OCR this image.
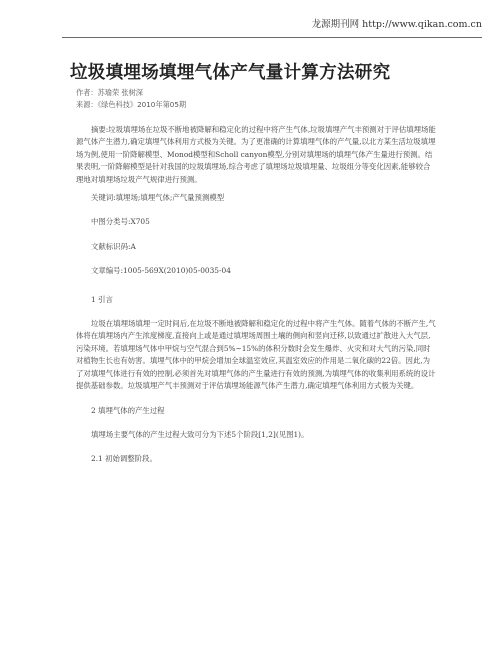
龙源期刊网 http://www.qikan.com.cn
垃圾填埋场填埋气体产气量计算方法研究
作者：苏瑜荣 张树深
来源：《绿色科技》2010年第05期

摘要:垃圾填埋场在垃圾不断地被降解和稳定化的过程中将产生气体,垃圾填埋产气丰预测对于评估填埋场能源气体产生潜力,确定填埋气体利用方式极为关键。为了更准确的计算填埋气体的产气量,以北方某生活垃圾填埋场为例,使用一阶降解模型、Monod模型和Scholl canyon模型,分别对填埋场的填埋气体产生量进行预测。结果表明,一阶降解模型是针对我国的垃圾填埋场,综合考虑了填埋场垃圾填埋量、垃圾组分等变化因素,能够较合理地对填埋场垃圾产气规律进行预测。

关键词:填埋场;填埋气体;产气量预测模型

中图分类号:X705

文献标识码:A

文章编号:1005-569X(2010)05-0035-04

1 引言

垃圾在填埋场填埋一定时间后,在垃圾不断地被降解和稳定化的过程中将产生气体。随着气体的不断产生,气体将在填埋场内产生浓度梯度,直接向上或是通过填埋场周围土壤的侧向和竖向迁移,以致通过扩散进入大气层,污染环境。若填埋场气体中甲烷与空气混合到5%~15%的体积分数时会发生爆炸、火灾和对大气的污染,同时对植物生长也有妨害。填埋气体中的甲烷会增加全球温室效应,其温室效应的作用是二氧化碳的22倍。因此,为了对填埋气体进行有效的控制,必须首先对填埋气体的产生量进行有效的预测,为填埋气体的收集利用系统的设计提供基础参数。垃圾填埋产气丰预测对于评估填埋场能源气体产生潜力,确定填埋气体利用方式极为关键。

2 填埋气体的产生过程

填埋场主要气体的产生过程大致可分为下述5个阶段[1,2](见图1)。

2.1 初始调整阶段。
